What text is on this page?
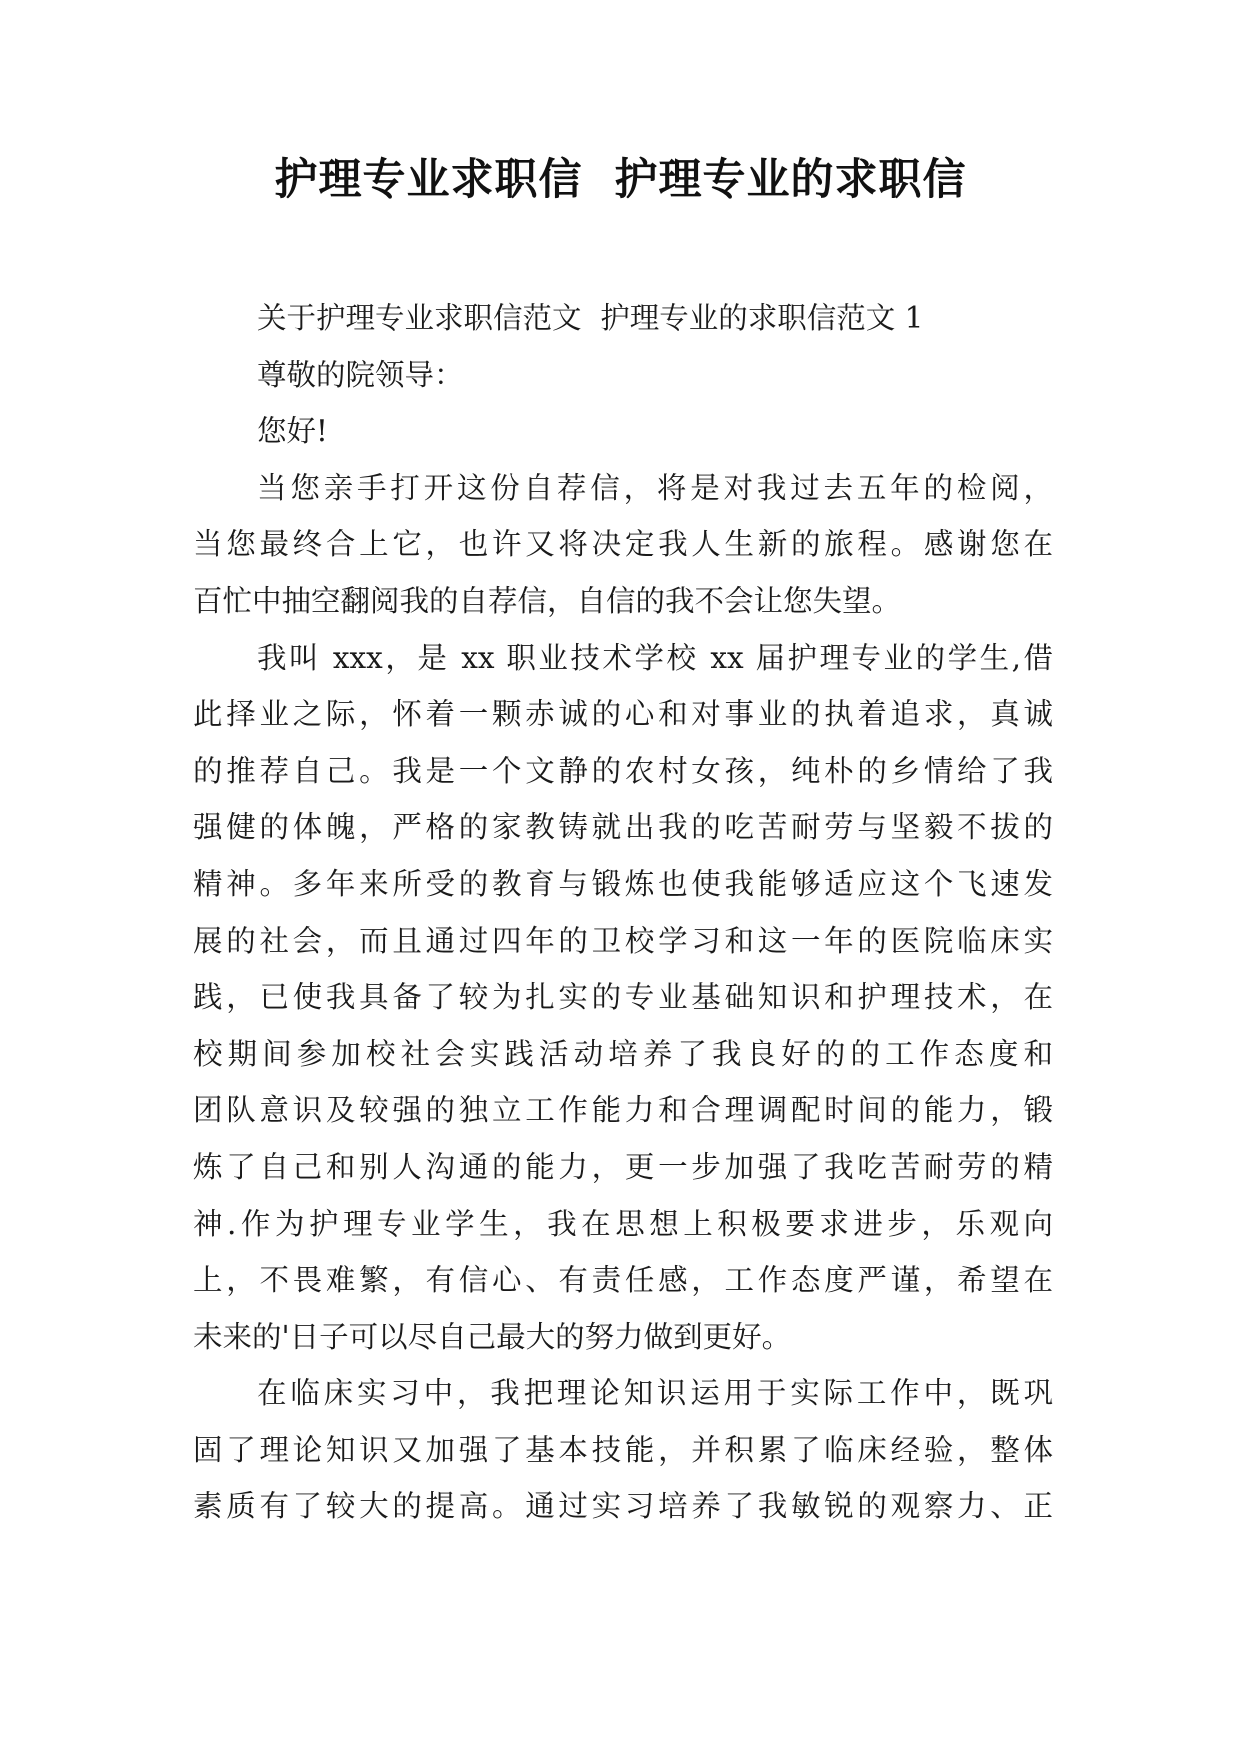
护理专业求职信  护理专业的求职信
关于护理专业求职信范文  护理专业的求职信范文 1
尊敬的院领导：
您好!
当您亲手打开这份自荐信，将是对我过去五年的检阅，
当您最终合上它，也许又将决定我人生新的旅程。感谢您在
百忙中抽空翻阅我的自荐信，自信的我不会让您失望。
我叫 xxx，是 xx 职业技术学校 xx 届护理专业的学生,借
此择业之际，怀着一颗赤诚的心和对事业的执着追求，真诚
的推荐自己。我是一个文静的农村女孩，纯朴的乡情给了我
强健的体魄，严格的家教铸就出我的吃苦耐劳与坚毅不拔的
精神。多年来所受的教育与锻炼也使我能够适应这个飞速发
展的社会，而且通过四年的卫校学习和这一年的医院临床实
践，已使我具备了较为扎实的专业基础知识和护理技术，在
校期间参加校社会实践活动培养了我良好的的工作态度和
团队意识及较强的独立工作能力和合理调配时间的能力，锻
炼了自己和别人沟通的能力，更一步加强了我吃苦耐劳的精
神.作为护理专业学生，我在思想上积极要求进步，乐观向
上，不畏难繁，有信心、有责任感，工作态度严谨，希望在
未来的'日子可以尽自己最大的努力做到更好。
在临床实习中，我把理论知识运用于实际工作中，既巩
固了理论知识又加强了基本技能，并积累了临床经验，整体
素质有了较大的提高。通过实习培养了我敏锐的观察力、正
